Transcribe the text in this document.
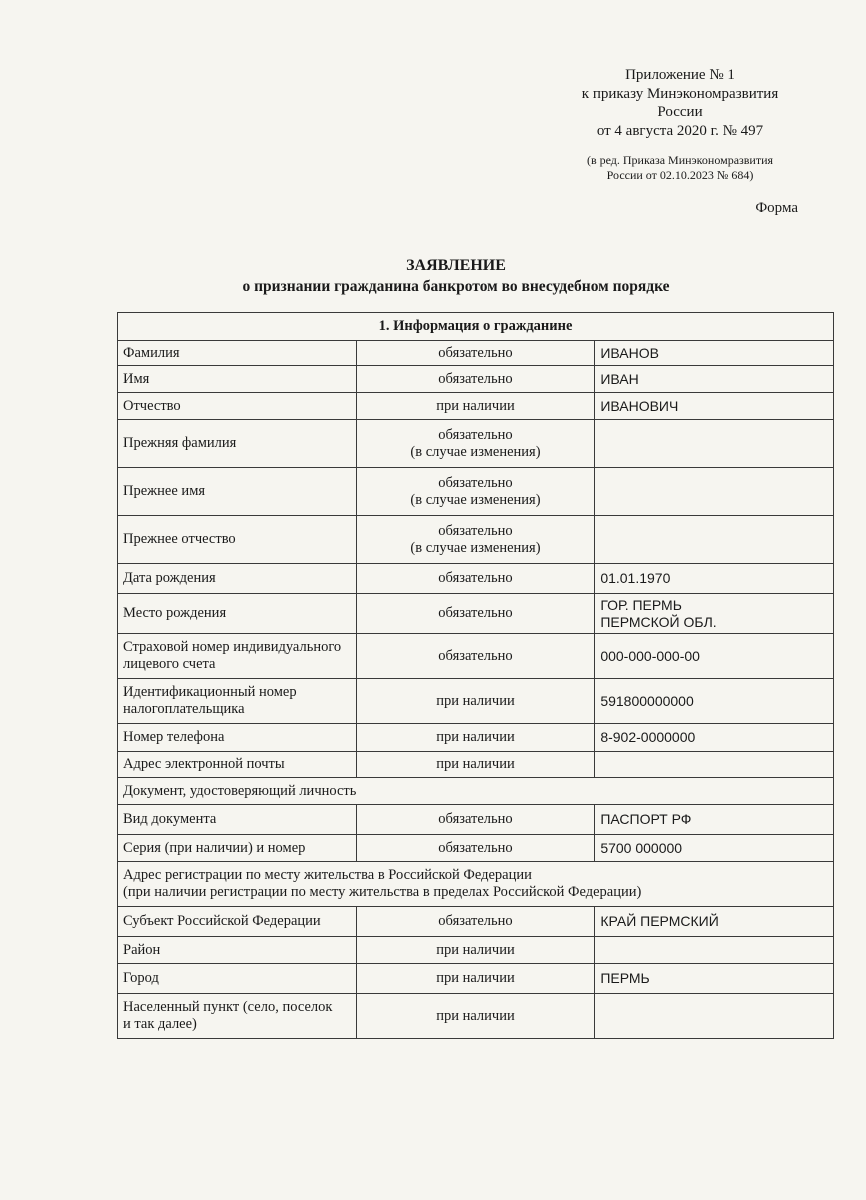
Приложение № 1
к приказу Минэкономразвития
России
от 4 августа 2020 г. № 497
(в ред. Приказа Минэкономразвития
России от 02.10.2023 № 684)
Форма
ЗАЯВЛЕНИЕ
о признании гражданина банкротом во внесудебном порядке
1. Информация о гражданине		
Фамилия	обязательно	ИВАНОВ

Имя	обязательно	ИВАН

Отчество	при наличии	ИВАНОВИЧ

Прежняя фамилия	обязательно
(в случае изменения)	

Прежнее имя	обязательно
(в случае изменения)	

Прежнее отчество	обязательно
(в случае изменения)	

Дата рождения	обязательно	01.01.1970

Место рождения	обязательно	ГОР. ПЕРМЬ
ПЕРМСКОЙ ОБЛ.

Страховой номер индивидуального
лицевого счета	обязательно	000-000-000-00

Идентификационный номер
налогоплательщика	при наличии	591800000000

Номер телефона	при наличии	8-902-0000000

Адрес электронной почты	при наличии	

Документ, удостоверяющий личность		
Вид документа	обязательно	ПАСПОРТ РФ

Серия (при наличии) и номер	обязательно	5700 000000

Адрес регистрации по месту жительства в Российской Федерации
(при наличии регистрации по месту жительства в пределах Российской Федерации)		
Субъект Российской Федерации	обязательно	КРАЙ ПЕРМСКИЙ

Район	при наличии	

Город	при наличии	ПЕРМЬ

Населенный пункт (село, поселок
и так далее)	при наличии	
